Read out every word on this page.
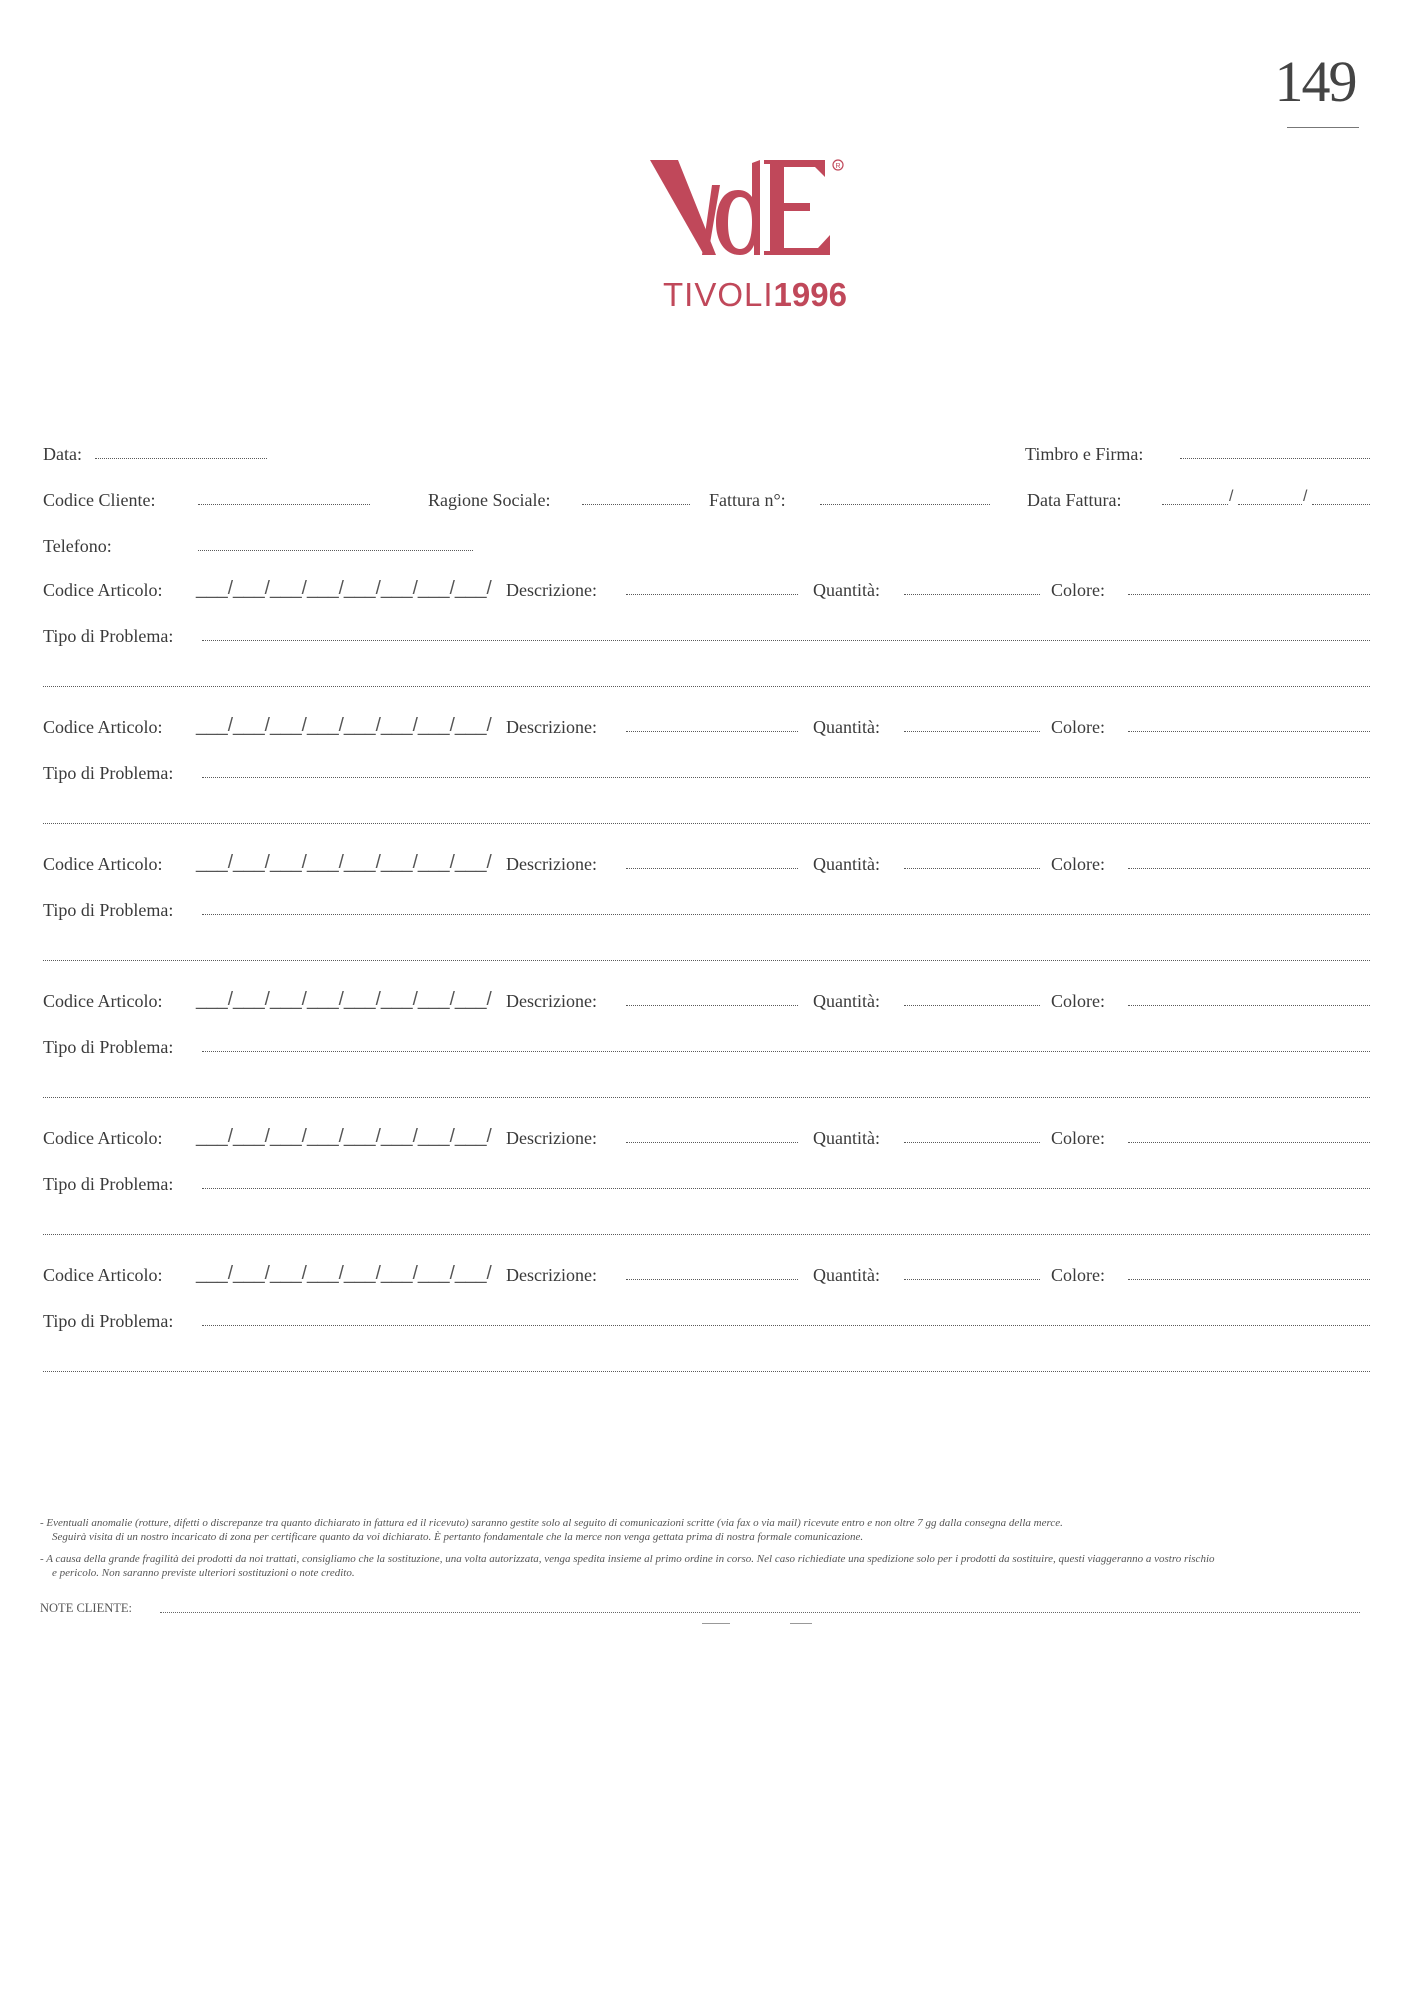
149
R
TIVOLI1996
Data:	Timbro e Firma:
Codice Cliente:	Ragione Sociale:	Fattura n°:	Data Fattura:	/	/
Telefono:
Codice Articolo: ___/___/___/___/___/___/___/___/ Descrizione:	Quantità:	Colore:
Tipo di Problema:
Codice Articolo: ___/___/___/___/___/___/___/___/ Descrizione:	Quantità:	Colore:
Tipo di Problema:
Codice Articolo: ___/___/___/___/___/___/___/___/ Descrizione:	Quantità:	Colore:
Tipo di Problema:
Codice Articolo: ___/___/___/___/___/___/___/___/ Descrizione:	Quantità:	Colore:
Tipo di Problema:
Codice Articolo: ___/___/___/___/___/___/___/___/ Descrizione:	Quantità:	Colore:
Tipo di Problema:
Codice Articolo: ___/___/___/___/___/___/___/___/ Descrizione:	Quantità:	Colore:
Tipo di Problema:
- Eventuali anomalie (rotture, difetti o discrepanze tra quanto dichiarato in fattura ed il ricevuto) saranno gestite solo al seguito di comunicazioni scritte (via fax o via mail) ricevute entro e non oltre 7 gg dalla consegna della merce.
Seguirà visita di un nostro incaricato di zona per certificare quanto da voi dichiarato. È pertanto fondamentale che la merce non venga gettata prima di nostra formale comunicazione.
- A causa della grande fragilità dei prodotti da noi trattati, consigliamo che la sostituzione, una volta autorizzata, venga spedita insieme al primo ordine in corso. Nel caso richiediate una spedizione solo per i prodotti da sostituire, questi viaggeranno a vostro rischio
e pericolo. Non saranno previste ulteriori sostituzioni o note credito.
NOTE CLIENTE:
